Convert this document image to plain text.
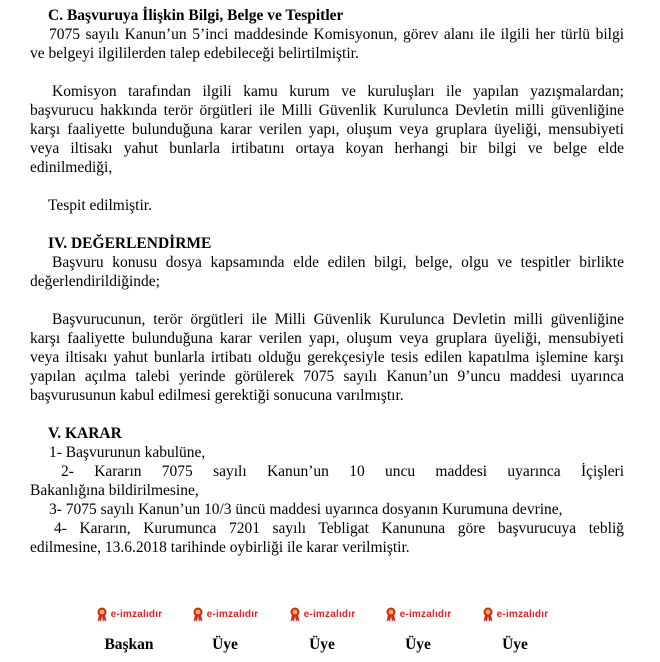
C. Başvuruya İlişkin Bilgi, Belge ve Tespitler
7075 sayılı Kanun’un 5’inci maddesinde Komisyonun, görev alanı ile ilgili her türlü bilgi
ve belgeyi ilgililerden talep edebileceği belirtilmiştir.
Komisyon tarafından ilgili kamu kurum ve kuruluşları ile yapılan yazışmalardan;
başvurucu hakkında terör örgütleri ile Milli Güvenlik Kurulunca Devletin milli güvenliğine
karşı faaliyette bulunduğuna karar verilen yapı, oluşum veya gruplara üyeliği, mensubiyeti
veya iltisakı yahut bunlarla irtibatını ortaya koyan herhangi bir bilgi ve belge elde
edinilmediği,
Tespit edilmiştir.
IV. DEĞERLENDİRME
Başvuru konusu dosya kapsamında elde edilen bilgi, belge, olgu ve tespitler birlikte
değerlendirildiğinde;
Başvurucunun, terör örgütleri ile Milli Güvenlik Kurulunca Devletin milli güvenliğine
karşı faaliyette bulunduğuna karar verilen yapı, oluşum veya gruplara üyeliği, mensubiyeti
veya iltisakı yahut bunlarla irtibatı olduğu gerekçesiyle tesis edilen kapatılma işlemine karşı
yapılan açılma talebi yerinde görülerek 7075 sayılı Kanun’un 9’uncu maddesi uyarınca
başvurusunun kabul edilmesi gerektiği sonucuna varılmıştır.
V. KARAR
1- Başvurunun kabulüne,
2- Kararın 7075 sayılı Kanun’un 10 uncu maddesi uyarınca İçişleri
Bakanlığına bildirilmesine,
3- 7075 sayılı Kanun’un 10/3 üncü maddesi uyarınca dosyanın Kurumuna devrine,
4- Kararın, Kurumunca 7201 sayılı Tebligat Kanununa göre başvurucuya tebliğ
edilmesine, 13.6.2018 tarihinde oybirliği ile karar verilmiştir.
e-imzalıdır
Başkan
e-imzalıdır
Üye
e-imzalıdır
Üye
e-imzalıdır
Üye
e-imzalıdır
Üye
